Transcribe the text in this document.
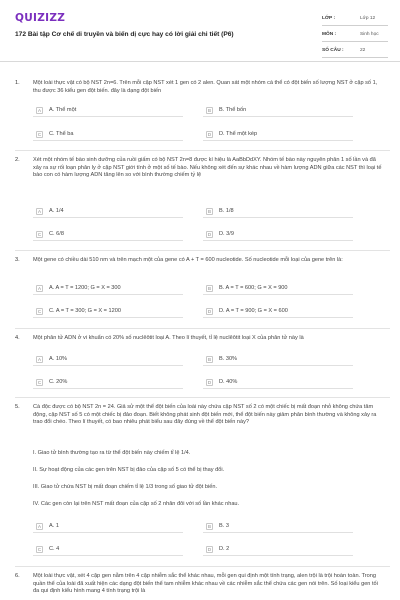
QUIZIZZ
172 Bài tập Cơ chế di truyền và biến dị cực hay có lời giải chi tiết (P6)
LỚP :	Lớp 12
MÔN :	Sinh học
SỐ CÂU :	22
1. Một loài thực vật có bộ NST 2n=6. Trên mỗi cặp NST xét 1 gen có 2 alen. Quan sát một nhóm cá thể có đột biến số lượng NST ở cặp số 1, thu được 36 kiểu gen đột biến. đây là dạng đột biến
A	A. Thể một	B	B. Thể bốn
C	C. Thể ba	D	D. Thể một kép
2. Xét một nhóm tế bào sinh dưỡng của ruồi giấm có bộ NST 2n=8 được kí hiệu là AaBbDdXY. Nhóm tế bào này nguyên phân 1 số lần và đã xảy ra sự rối loạn phân ly ở cặp NST giới tính ở một số tế bào. Nếu không xét đến sự khác nhau về hàm lượng ADN giữa các NST thì loại tế bào con có hàm lượng ADN tăng lên so với bình thường chiếm tỷ lệ
A	A. 1/4	B	B. 1/8
C	C. 6/8	D	D. 3/9
3. Một gene có chiều dài 510 nm và trên mạch một của gene có A + T = 600 nucleotide. Số nucleotide mỗi loại của gene trên là:
A	A. A = T = 1200; G = X = 300	B	B. A = T = 600; G = X = 900
C	C. A = T = 300; G = X = 1200	D	D. A = T = 900; G = X = 600
4. Một phân tử ADN ở vi khuẩn có 20% số nuclêôtit loại A. Theo lí thuyết, tỉ lệ nuclêôtit loại X của phân tử này là
A	A. 10%	B	B. 30%
C	C. 20%	D	D. 40%
5. Cà độc được có bộ NST 2n = 24. Giả sử một thể đột biến của loài này chứa cặp NST số 2 có một chiếc bị mất đoạn nhỏ không chứa tâm động, cặp NST số 5 có một chiếc bị đảo đoạn. Biết không phát sinh đột biến mới, thể đột biến này giảm phân bình thường và không xảy ra trao đổi chéo. Theo lí thuyết, có bao nhiêu phát biểu sau đây đúng về thể đột biến này?
I. Giao tử bình thường tạo ra từ thể đột biến này chiếm tỉ lệ 1/4.
II. Sự hoạt động của các gen trên NST bị đảo của cặp số 5 có thể bị thay đổi.
III. Giao tử chứa NST bị mất đoạn chiếm tỉ lệ 1/3 trong số giao tử đột biến.
IV. Các gen còn lại trên NST mất đoạn của cặp số 2 nhân đôi với số lần khác nhau.
A	A. 1	B	B. 3
C	C. 4	D	D. 2
6. Một loài thực vật, xét 4 cặp gen nằm trên 4 cặp nhiễm sắc thể khác nhau, mỗi gen qui định một tính trạng, alen trội là trội hoàn toàn. Trong quần thể của loài đã xuất hiện các dạng đột biến thể tam nhiễm khác nhau về các nhiễm sắc thể chứa các gen nói trên. Số loại kiểu gen tối đa qui định kiểu hình mang 4 tính trạng trội là
